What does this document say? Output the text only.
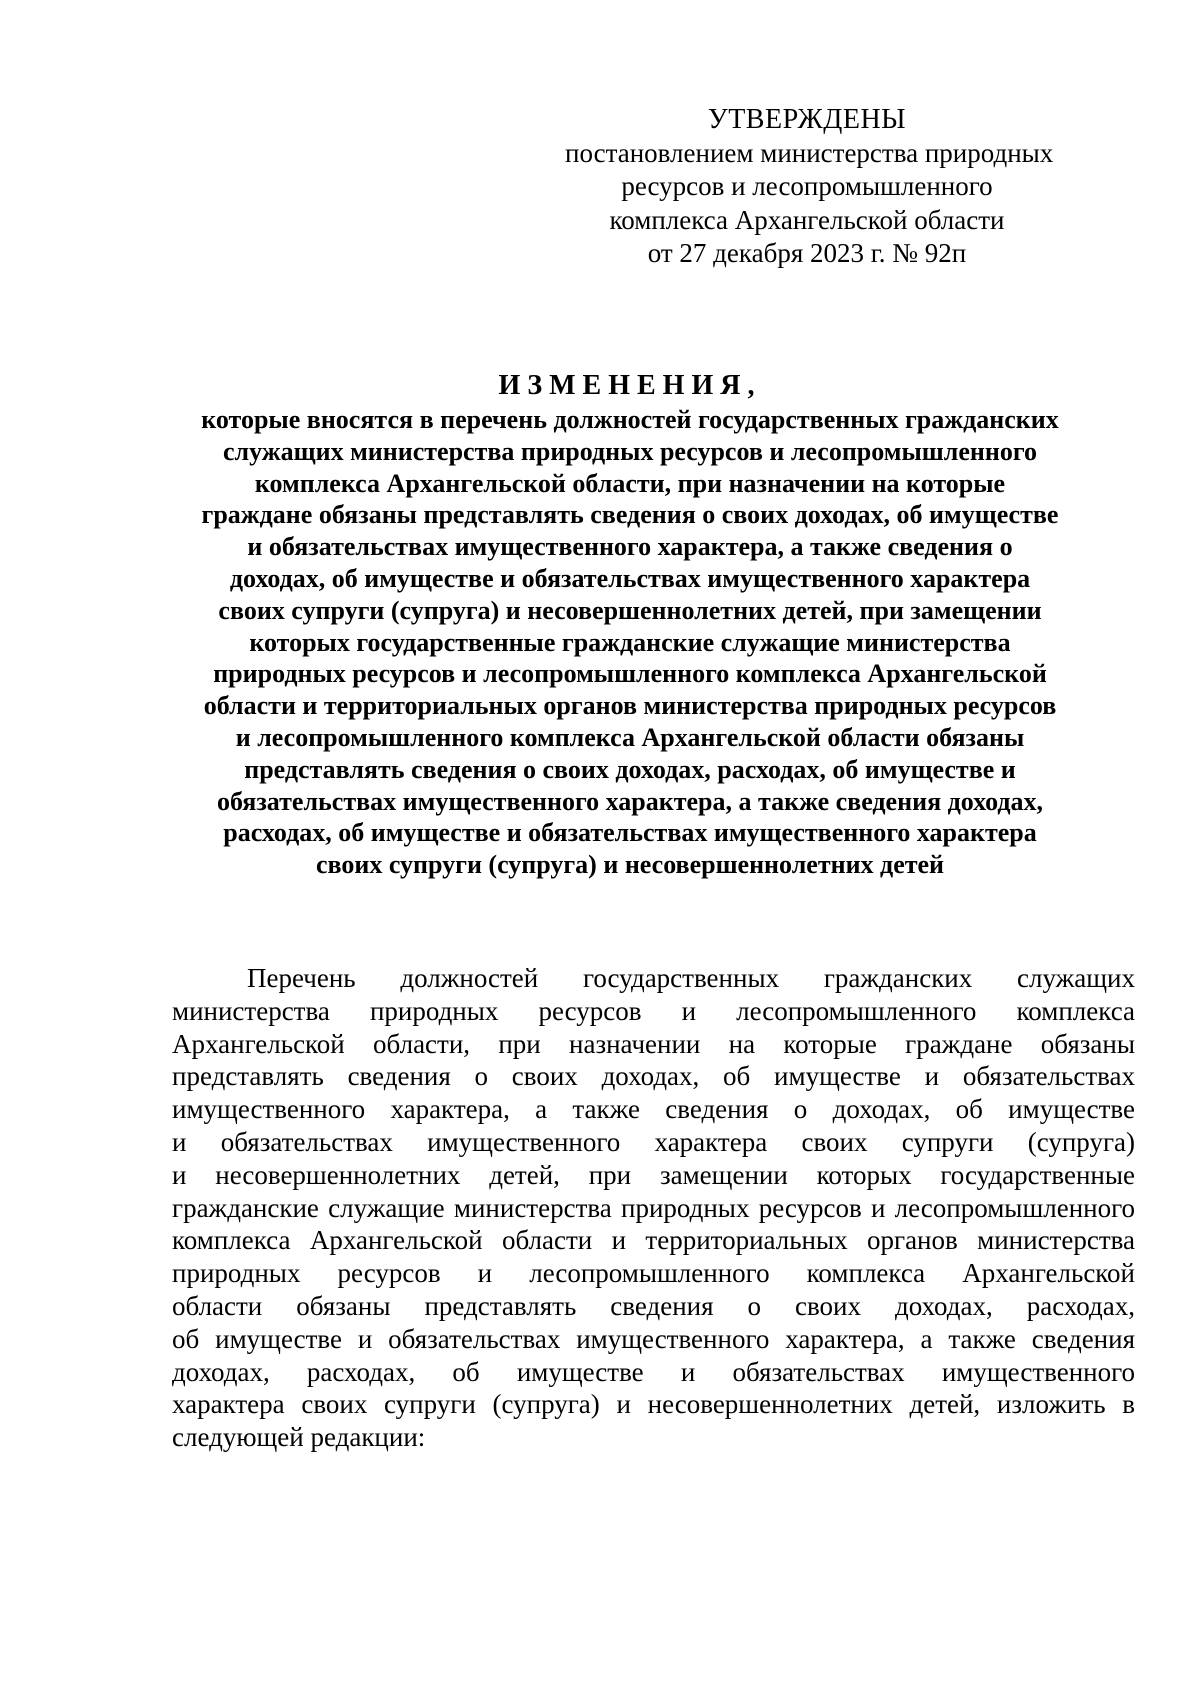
УТВЕРЖДЕНЫ
постановлением министерства природных
ресурсов и лесопромышленного
комплекса Архангельской области
от 27 декабря 2023 г. № 92п
ИЗМЕНЕНИЯ,
которые вносятся в перечень должностей государственных гражданских
служащих министерства природных ресурсов и лесопромышленного
комплекса Архангельской области, при назначении на которые
граждане обязаны представлять сведения о своих доходах, об имуществе
и обязательствах имущественного характера, а также сведения о
доходах, об имуществе и обязательствах имущественного характера
своих супруги (супруга) и несовершеннолетних детей, при замещении
которых государственные гражданские служащие министерства
природных ресурсов и лесопромышленного комплекса Архангельской
области и территориальных органов министерства природных ресурсов
и лесопромышленного комплекса Архангельской области обязаны
представлять сведения о своих доходах, расходах, об имуществе и
обязательствах имущественного характера, а также сведения доходах,
расходах, об имуществе и обязательствах имущественного характера
своих супруги (супруга) и несовершеннолетних детей
Перечень должностей государственных гражданских служащих
министерства природных ресурсов и лесопромышленного комплекса
Архангельской области, при назначении на которые граждане обязаны
представлять сведения о своих доходах, об имуществе и обязательствах
имущественного характера, а также сведения о доходах, об имуществе
и обязательствах имущественного характера своих супруги (супруга)
и несовершеннолетних детей, при замещении которых государственные
гражданские служащие министерства природных ресурсов и лесопромышленного
комплекса Архангельской области и территориальных органов министерства
природных ресурсов и лесопромышленного комплекса Архангельской
области обязаны представлять сведения о своих доходах, расходах,
об имуществе и обязательствах имущественного характера, а также сведения
доходах, расходах, об имуществе и обязательствах имущественного
характера своих супруги (супруга) и несовершеннолетних детей, изложить в
следующей редакции:
